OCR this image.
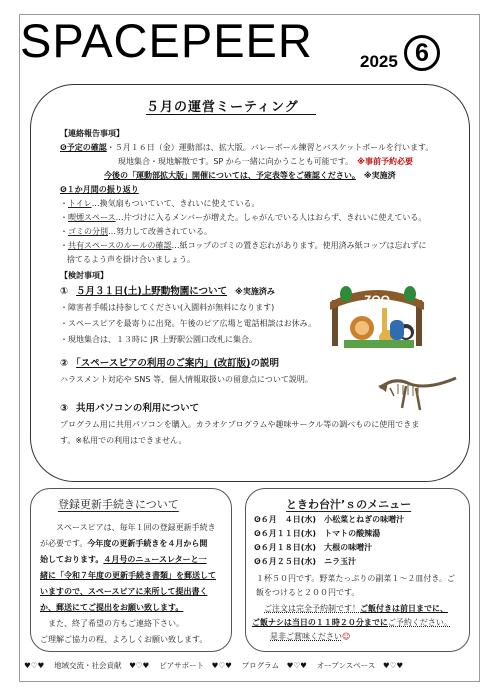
SPACEPEER	2025 6
５月の運営ミーティング
【連絡報告事項】
❻予定の確認・５月１６日（金）運動部は、拡大版。バレーボール練習とバスケットボールを行います。
現地集合・現地解散です。SP から一緒に向かうことも可能です。　 ※事前予約必要
今後の「運動部拡大版」開催については、予定表等をご確認ください。　 ※実施済
❻１か月間の振り返り
・トイレ…換気扇もついていて、きれいに使えている。
・喫煙スペース…片づけに入るメンバーが増えた。しゃがんでいる人はおらず、きれいに使えている。
・ゴミの分別…努力して改善されている。
・共有スペースのルールの確認…紙コップのゴミの置き忘れがあります。使用済み紙コップは忘れずに
捨てるよう声を掛け合いましょう。
【検討事項】
①　 ５月３１日(土)上野動物園について　 ※実施済み
・障害者手帳は持参してください(入園料が無料になります)
・スペースピアを最寄りに出発。午後のピア広場と電話相談はお休み。
・現地集合は、１３時に JR 上野駅公園口改札に集合。
ZOO
②　 「スペースピアの利用のご案内」(改訂版)の説明
ハラスメント対応や SNS 等、個人情報取扱いの留意点について説明。
③　 共用パソコンの利用について
プログラム用に共用パソコンを購入。カラオケプログラムや趣味サークル等の調べものに使用できま
す。※私用での利用はできません。
登録更新手続きについて
　スペースピアは、毎年１回の登録更新手続き
が必要です。今年度の更新手続きを４月から開
始しております。４月号のニュースレターと一
緒に「令和７年度の更新手続き書類」を郵送して
いますので、スペースピアに来所して提出書く
か、郵送にてご提出をお願い致します。
　また、終了希望の方もご連絡下さい。
ご理解ご協力の程、よろしくお願い致します。
ときわ台汁’ｓのメニュー
❻６月　４日(水)　 小松菜とねぎの味噌汁
❻６月１１日(水)　 トマトの酸辣湯
❻６月１８日(水)　 大根の味噌汁
❻６月２５日(水)　 ニラ玉汁
１杯５０円です。野菜たっぷりの副菜１～２皿付き。ご
飯をつけると２００円です。
　ご注文は完全予約制です！ご飯付きは前日までに、
ご飯ナシは当日の１１時２０分までにご予約ください。
　是非ご賞味ください☺
♥♡♥　 地域交流・社会貢献　 ♥♡♥　 ピアサポート　 ♥♡♥　 プログラム　 ♥♡♥　 オープンスペース　 ♥♡♥
